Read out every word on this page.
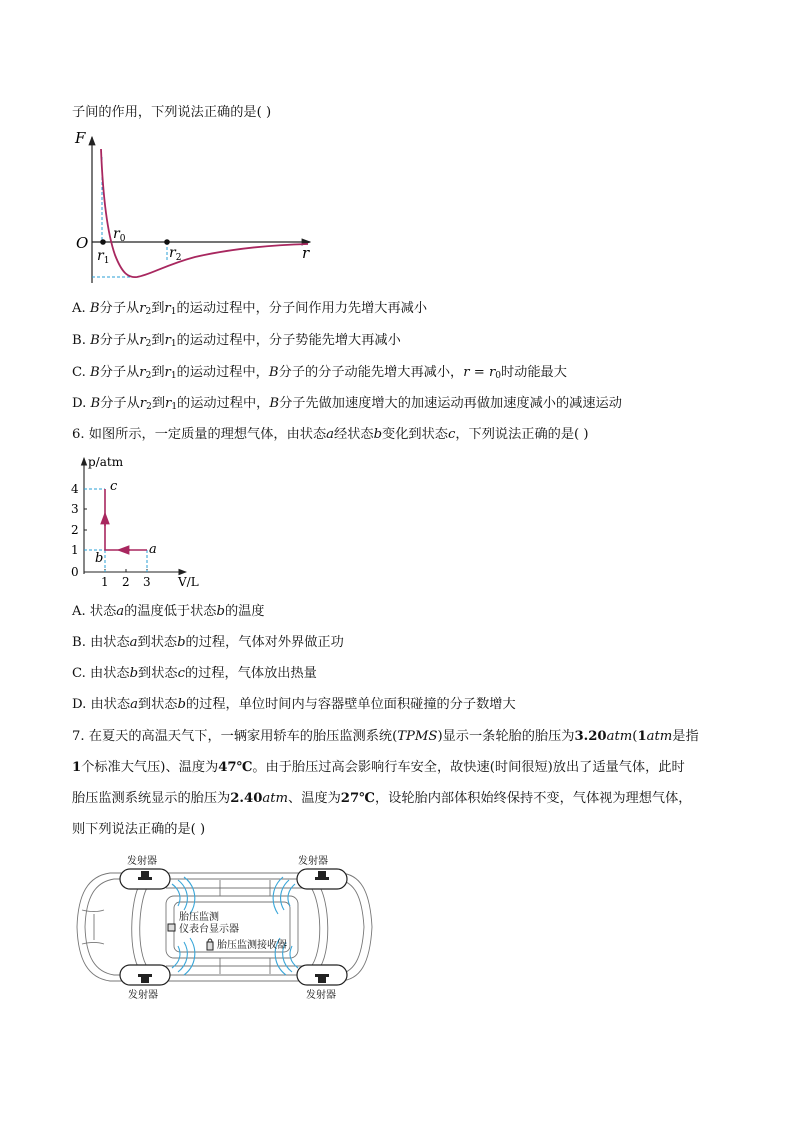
子间的作用，下列说法正确的是( )
F
O
r
$r_0$
$r_1$	$r_2$
A. B分子从$r_2$到$r_1$的运动过程中，分子间作用力先增大再减小
B. B分子从$r_2$到$r_1$的运动过程中，分子势能先增大再减小
C. B分子从$r_2$到$r_1$的运动过程中，B分子的分子动能先增大再减小，$r = r_0$时动能最大
D. B分子从$r_2$到$r_1$的运动过程中，B分子先做加速度增大的加速运动再做加速度减小的减速运动
6. 如图所示，一定质量的理想气体，由状态a经状态b变化到状态c，下列说法正确的是( )
p/atm
V/L
4
3
2
1
0
1 2 3
c
b
a
A. 状态a的温度低于状态b的温度
B. 由状态a到状态b的过程，气体对外界做正功
C. 由状态b到状态c的过程，气体放出热量
D. 由状态a到状态b的过程，单位时间内与容器壁单位面积碰撞的分子数增大
7. 在夏天的高温天气下，一辆家用轿车的胎压监测系统(TPMS)显示一条轮胎的胎压为3.20atm(1atm是指
1个标准大气压)、温度为47℃。由于胎压过高会影响行车安全，故快速(时间很短)放出了适量气体，此时
胎压监测系统显示的胎压为2.40atm、温度为27℃，设轮胎内部体积始终保持不变，气体视为理想气体，
则下列说法正确的是( )
发射器	发射器
发射器	发射器
胎压监测
仪表台显示器
胎压监测接收器
